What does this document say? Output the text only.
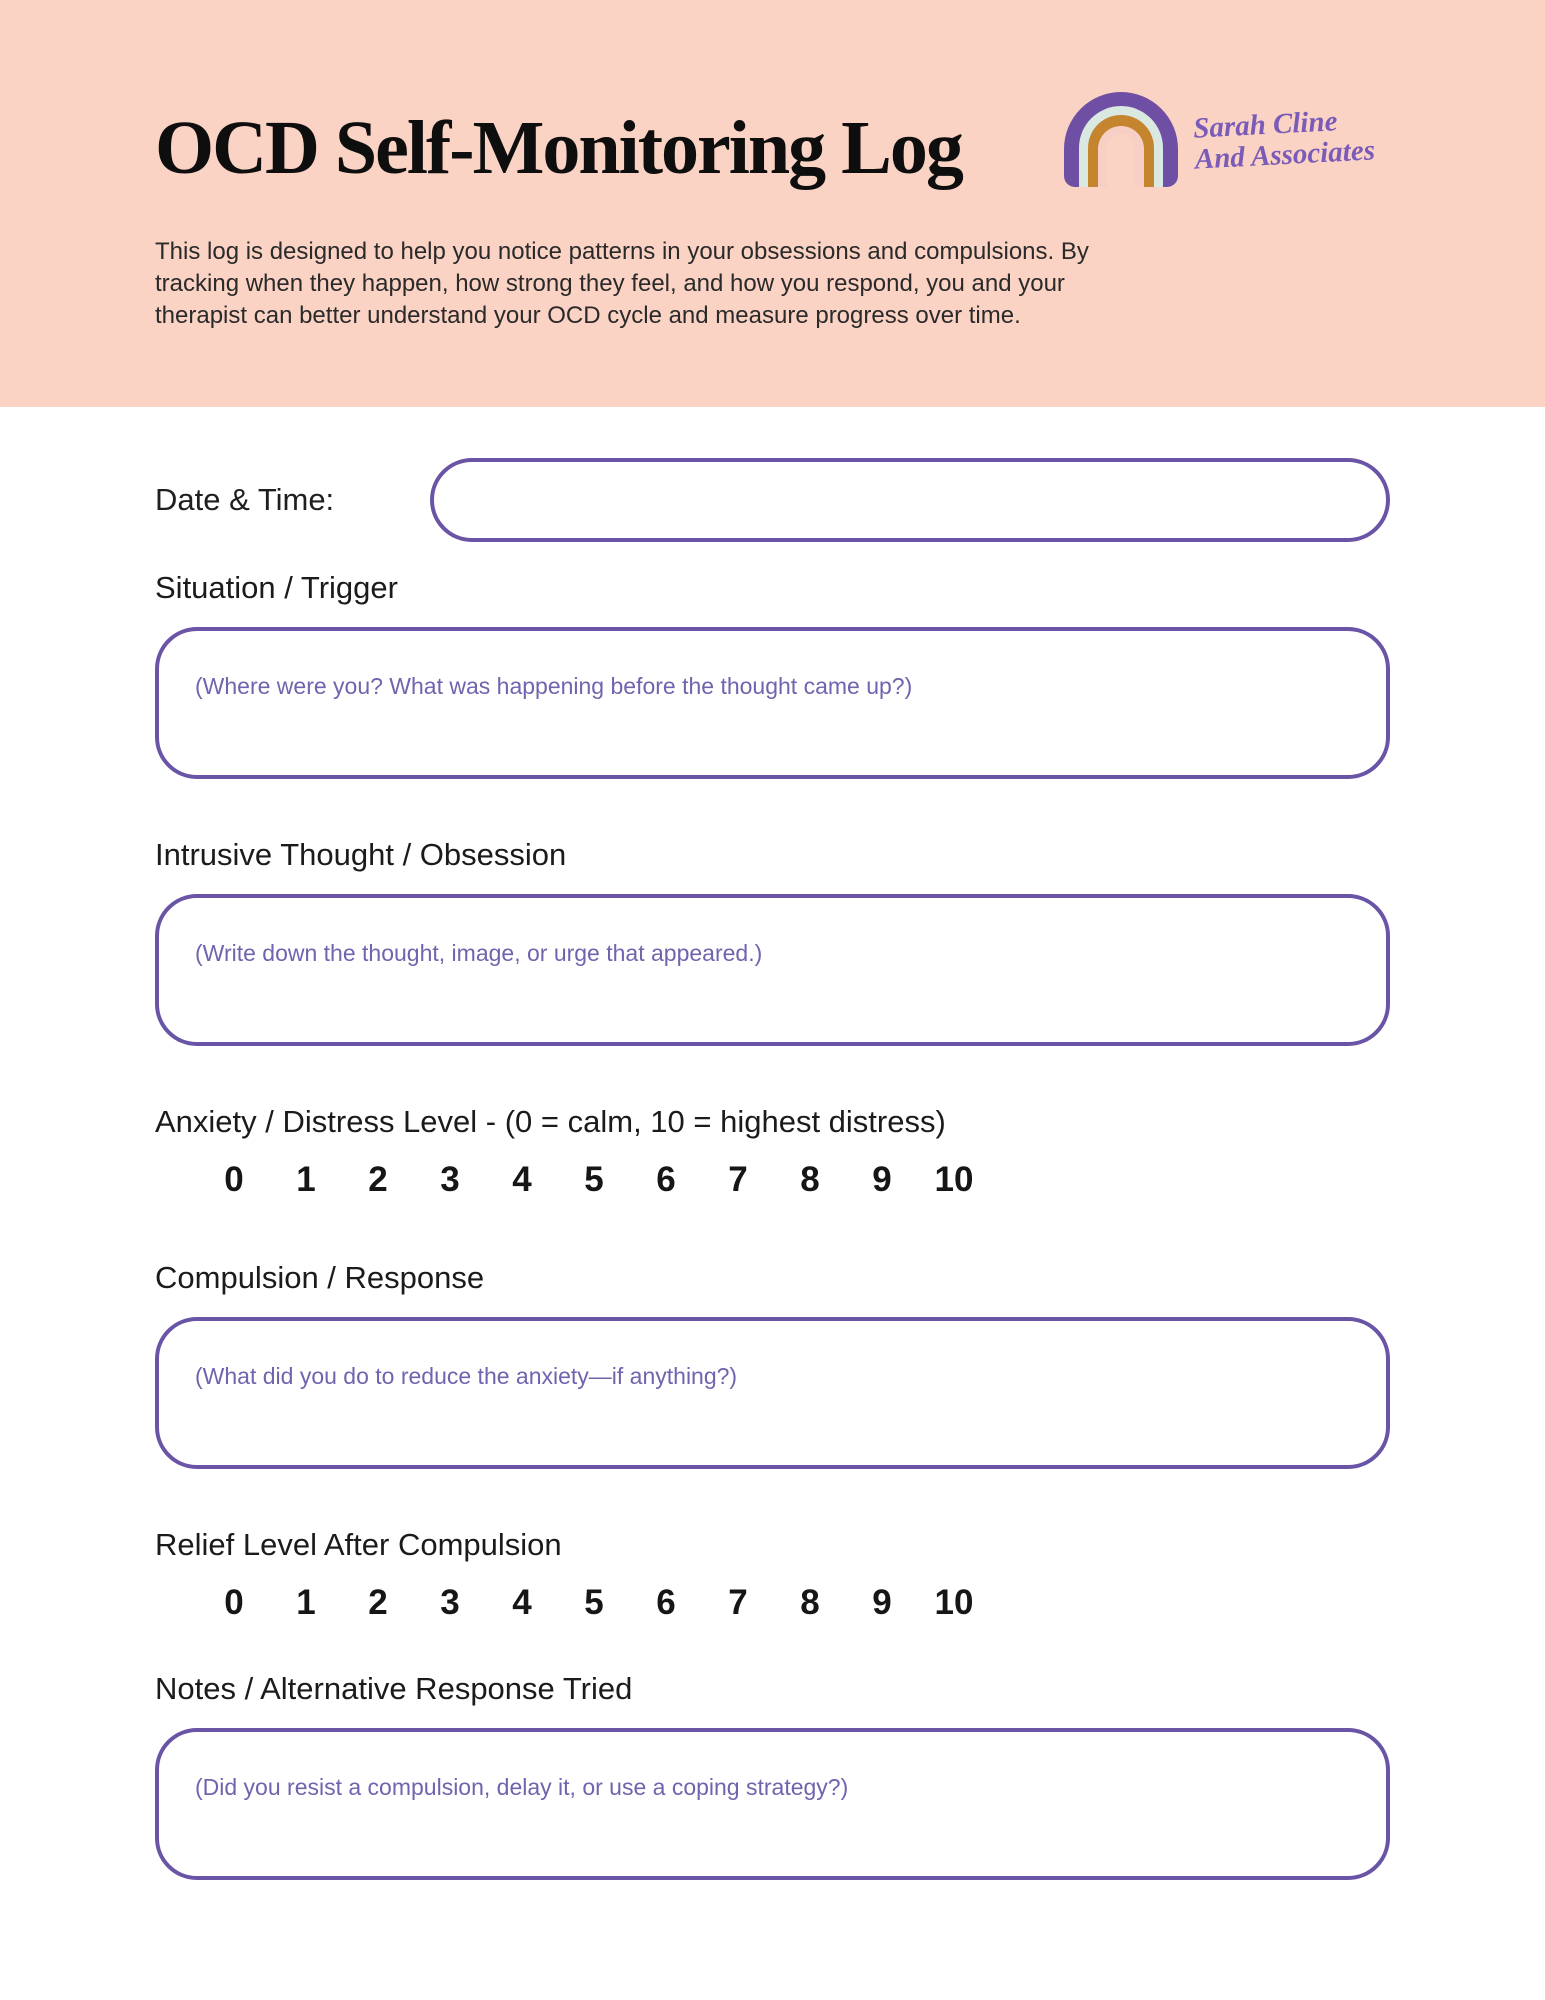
OCD Self-Monitoring Log	Sarah Cline
And Associates

This log is designed to help you notice patterns in your obsessions and compulsions. By tracking when they happen, how strong they feel, and how you respond, you and your therapist can better understand your OCD cycle and measure progress over time.

Date & Time:
Situation / Trigger
(Where were you? What was happening before the thought came up?)
Intrusive Thought / Obsession
(Write down the thought, image, or urge that appeared.)
Anxiety / Distress Level - (0 = calm, 10 = highest distress)
0	1	2	3	4	5	6	7	8	9	10
Compulsion / Response
(What did you do to reduce the anxiety—if anything?)
Relief Level After Compulsion
0	1	2	3	4	5	6	7	8	9	10
Notes / Alternative Response Tried
(Did you resist a compulsion, delay it, or use a coping strategy?)
